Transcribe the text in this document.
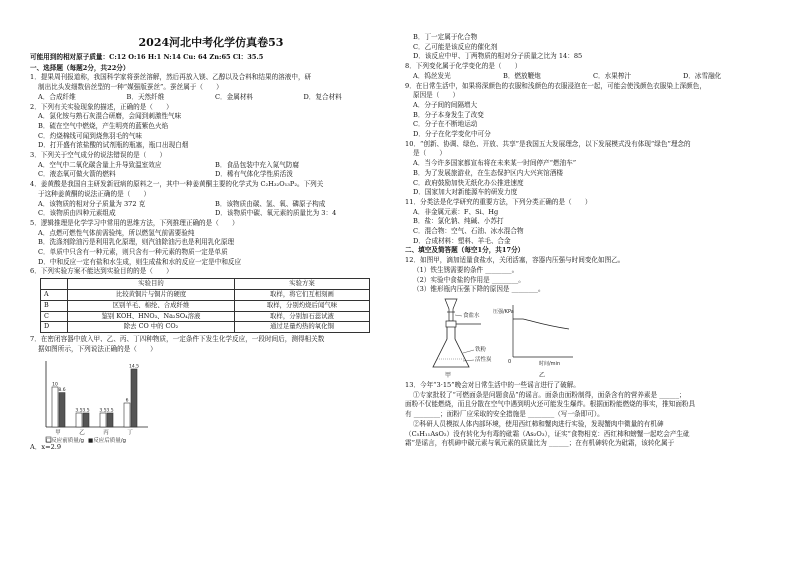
2024河北中考化学仿真卷53
可能用到的相对原子质量：C:12 O:16 H:1 N:14 Cu: 64 Zn:65 Cl：35.5
一、选择题（每题2分，共22分）
1．提果周刊报道称，我国科学家将蚕丝溶解，然后再放入镁、乙醇以及合料和结果的溶液中，研
制出比头发细数倍丝型的一种“媒强版蚕丝”。蚕丝属于（　　）
A．合成纤维	B．天然纤维	C．金属材料	D．复合材料
2．下列有关实验现象的描述，正确的是（　　）
A．氯化铵与熟石灰混合研磨，会闻到刺激性气味
B．硫在空气中燃烧，产生明亮的蓝紫色火焰
C．灼烧棉线可闻到烧焦羽毛的气味
D．打开盛有浓盐酸的试剂瓶的瓶塞，瓶口出现白烟
3．下列关于空气成分的说法错误的是（　　）
A．空气中二氧化碳含量上升导致温室效应	B．食品包装中充入氮气防腐
C．液态氧可做火箭的燃料	D．稀有气体化学性质活泼
4．姜黄酸是我国自主研发新冠病的原料之一，其中一种姜黄酮主要的化学式为 C₂H₃₂O₁₃P₂。下列关
于这种姜黄酮的说法正确的是（　　）
A．该物质的相对分子质量为 372 克	B．该物质由碳、氢、氧、磷原子构成
C．该物质由四种元素组成	D．该物质中碳、氧元素的质量比为 3：4
5．逻辑推理是化学学习中常用的思维方法，下列推理正确的是（　　）
A．点燃可燃性气体前需验纯，所以燃氢气前需要验纯
B．洗涤剂除油污是利用乳化原理，则汽油除油污也是利用乳化原理
C．单质中只含有一种元素，则只含有一种元素的物质一定是单质
D．中和反应一定有盐和水生成，则生成盐和水的反应一定是中和反应
6．下列实验方案不能达到实验目的的是（　　）
	实验目的	实验方案
A	比较黄铜片与铜片的硬度	取样，将它们互相刻画
B	区别羊毛、棉纶、合成纤维	取样，分别灼烧后闻气味
C	鉴别 KOH、HNO₃、Na₂SO₄溶液	取样，分别加石蕊试液
D	除去 CO 中的 CO₂	通过足量灼热的氧化铜
7．在密闭容器中放入甲、乙、丙、丁四种物质，一定条件下发生化学反应，一段时间后，测得相关数
据如图所示，下列说法正确的是（　　）
10
8.6
甲
3.5 3.5
乙
3.5 3.5
丙
6
14.5
丁
□反应前质量/g ■反应后质量/g
A．x=2.9
B．丁一定属于化合物
C．乙可能是该反应的催化剂
D．该反应中甲、丁两物质的相对分子质量之比为 14：85
8．下列变化属于化学变化的是（　　）
A．钨丝发光	B．燃放鞭炮	C．水果榨汁	D．冰雪融化
9．在日常生活中，如果将深颜色的衣服和浅颜色的衣服浸泡在一起，可能会使浅颜色衣服染上深颜色，
原因是（　　）
A．分子间的间隔增大
B．分子本身发生了改变
C．分子在不断地运动
D．分子在化学变化中可分
10．“创新、协调、绿色、开放、共享”是我国五大发展理念，以下发展模式没有体现“绿色”理念的
是（　　）
A．当今许多国家都宣布将在未来某一时间停产“燃油车”
B．为了发展旅游业，在生态保护区内大兴宾馆酒楼
C．政府鼓励加快无纸化办公推进速度
D．国家加大对新能源车的研发力度
11．分类法是化学研究的重要方法，下列分类正确的是（　　）
A．非金属元素：F、Si、Hg
B．盐：氯化钠、纯碱、小苏打
C．混合物：空气、石油、冰水混合物
D．合成材料：塑料、羊毛、合金
二、填空及简答题（每空1分，共17分）
12．如图甲，滴加适量食盐水，关闭活塞，容器内压强与时间变化如图乙。
（1）铁生锈需要的条件 ________。
（2）实验中食盐的作用是 ________。
（3）锥形瓶内压强下降的原因是 ________。
食盐水
铁粉
活性炭
甲
压强/KPa
时间/min
0
乙
13．今年“3·15”晚会对日常生活中的一些谣言进行了破解。
①专家批驳了“可燃面条是问题食品”的谣言。面条由面粉制得，面条含有的营养素是 ______；
面粉不仅能燃烧，而且分散在空气中遇到明火还可能发生爆炸。根据面粉能燃烧的事实，推知面粉具
有 ________；面粉厂应采取的安全措施是 ________（写一条即可）。
②科研人员模拟人体内部环境，使用西红柿和蟹肉进行实验，发现蟹肉中微量的有机砷
（C₅H₁₁AsO₂）没有转化为有毒的砒霜（As₂O₃），证实“食物相克：西红柿和螃蟹一起吃会产生砒
霜”是谣言，有机砷中碳元素与氧元素的质量比为 ______；在有机砷转化为砒霜，该转化属于
